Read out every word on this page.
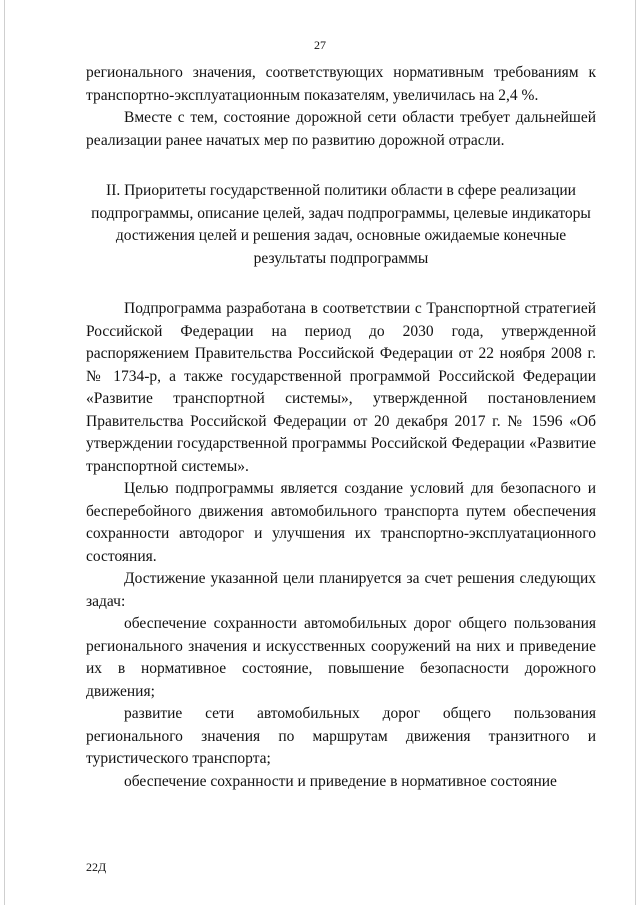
27

регионального значения, соответствующих нормативным требованиям к транспортно-эксплуатационным показателям, увеличилась на 2,4 %.

Вместе с тем, состояние дорожной сети области требует дальнейшей реализации ранее начатых мер по развитию дорожной отрасли.

II. Приоритеты государственной политики области в сфере реализации подпрограммы, описание целей, задач подпрограммы, целевые индикаторы достижения целей и решения задач, основные ожидаемые конечные результаты подпрограммы

Подпрограмма разработана в соответствии с Транспортной стратегией Российской Федерации на период до 2030 года, утвержденной распоряжением Правительства Российской Федерации от 22 ноября 2008 г. № 1734-р, а также государственной программой Российской Федерации «Развитие транспортной системы», утвержденной постановлением Правительства Российской Федерации от 20 декабря 2017 г. № 1596 «Об утверждении государственной программы Российской Федерации «Развитие транспортной системы».

Целью подпрограммы является создание условий для безопасного и бесперебойного движения автомобильного транспорта путем обеспечения сохранности автодорог и улучшения их транспортно-эксплуатационного состояния.

Достижение указанной цели планируется за счет решения следующих задач:

обеспечение сохранности автомобильных дорог общего пользования регионального значения и искусственных сооружений на них и приведение их в нормативное состояние, повышение безопасности дорожного движения;

развитие сети автомобильных дорог общего пользования регионального значения по маршрутам движения транзитного и туристического транспорта;

обеспечение сохранности и приведение в нормативное состояние

22Д
